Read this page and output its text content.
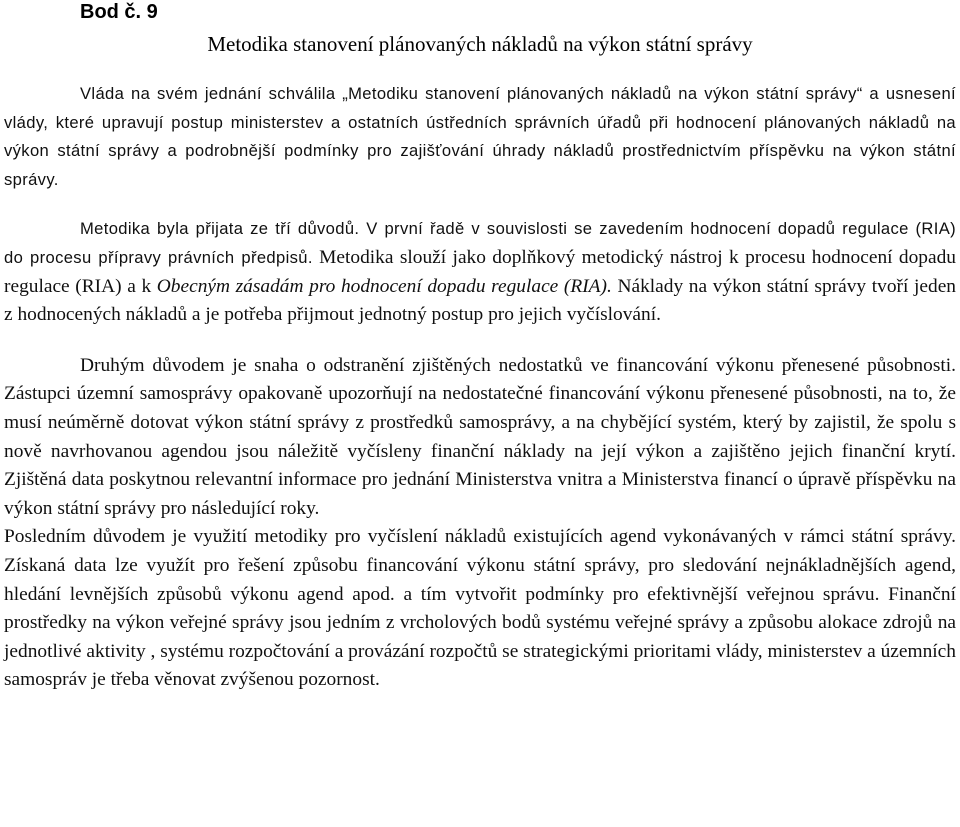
Bod č. 9
Metodika stanovení plánovaných nákladů na výkon státní správy

Vláda na svém jednání schválila „Metodiku stanovení plánovaných nákladů na výkon státní správy“ a usnesení vlády, které upravují postup ministerstev a ostatních ústředních správních úřadů při hodnocení plánovaných nákladů na výkon státní správy a podrobnější podmínky pro zajišťování úhrady nákladů prostřednictvím příspěvku na výkon státní správy.

Metodika byla přijata ze tří důvodů. V první řadě v souvislosti se zavedením hodnocení dopadů regulace (RIA) do procesu přípravy právních předpisů. Metodika slouží jako doplňkový metodický nástroj k procesu hodnocení dopadu regulace (RIA) a k Obecným zásadám pro hodnocení dopadu regulace (RIA). Náklady na výkon státní správy tvoří jeden z hodnocených nákladů a je potřeba přijmout jednotný postup pro jejich vyčíslování.

Druhým důvodem je snaha o odstranění zjištěných nedostatků ve financování výkonu přenesené působnosti. Zástupci územní samosprávy opakovaně upozorňují na nedostatečné financování výkonu přenesené působnosti, na to, že musí neúměrně dotovat výkon státní správy z prostředků samosprávy, a na chybějící systém, který by zajistil, že spolu s nově navrhovanou agendou jsou náležitě vyčísleny finanční náklady na její výkon a zajištěno jejich finanční krytí. Zjištěná data poskytnou relevantní informace pro jednání Ministerstva vnitra a Ministerstva financí o úpravě příspěvku na výkon státní správy pro následující roky.

Posledním důvodem je využití metodiky pro vyčíslení nákladů existujících agend vykonávaných v rámci státní správy. Získaná data lze využít pro řešení způsobu financování výkonu státní správy, pro sledování nejnákladnějších agend, hledání levnějších způsobů výkonu agend apod. a tím vytvořit podmínky pro efektivnější veřejnou správu. Finanční prostředky na výkon veřejné správy jsou jedním z vrcholových bodů systému veřejné správy a způsobu alokace zdrojů na jednotlivé aktivity , systému rozpočtování a provázání rozpočtů se strategickými prioritami vlády, ministerstev a územních samospráv je třeba věnovat zvýšenou pozornost.
